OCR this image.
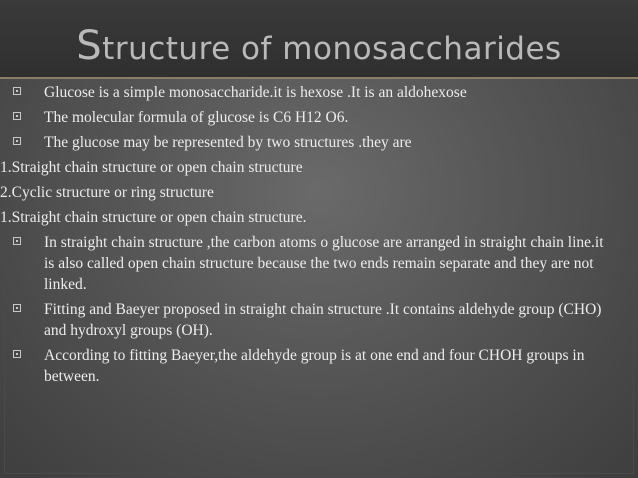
Structure of monosaccharides
Glucose is a simple monosaccharide.it is hexose .It is an aldohexose
The molecular formula of glucose is C6 H12 O6.
The glucose may be represented by two structures .they are
1.Straight chain structure or open chain structure
2.Cyclic structure or ring structure
1.Straight chain structure or open chain structure.
In straight chain structure ,the carbon atoms o glucose are arranged in straight chain line.it is also called open chain structure because the two ends remain separate and they are not linked.
Fitting and Baeyer proposed in straight chain structure .It contains aldehyde group (CHO) and hydroxyl groups (OH).
According to fitting Baeyer,the aldehyde group is at one end and four CHOH groups in between.
